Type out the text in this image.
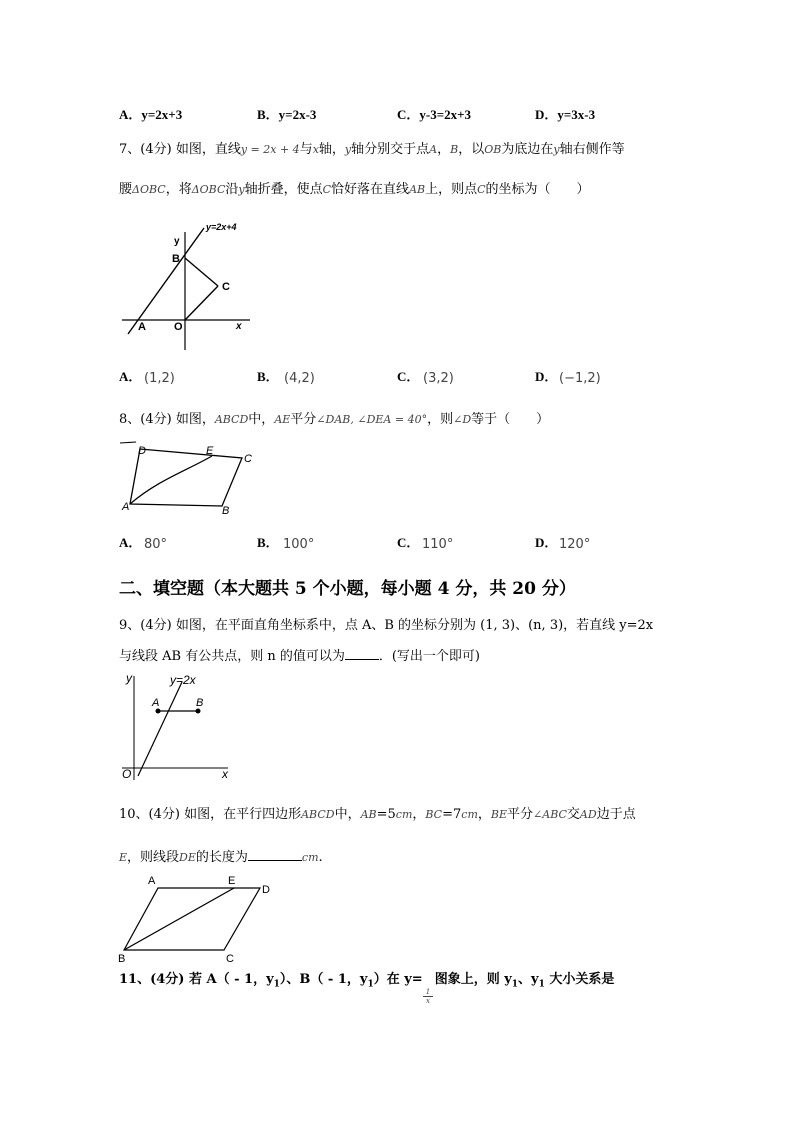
A．y=2x+3	B．y=2x-3	C．y-3=2x+3	D．y=3x-3
7、(4分) 如图，直线y = 2x + 4与x轴，y轴分别交于点A，B，以OB为底边在y轴右侧作等
腰ΔOBC，将ΔOBC沿y轴折叠，使点C恰好落在直线AB上，则点C的坐标为（　　）
y=2x+4
y
B
C
A	O	x
A． (1,2)	B． (4,2)	C． (3,2)	D． (−1,2)
8、(4分) 如图，ABCD中，AE平分∠DAB, ∠DEA = 40°，则∠D等于（　　）
D	E
C
A	B
A． 80°	B． 100°	C． 110°	D． 120°
二、填空题（本大题共 5 个小题，每小题 4 分，共 20 分）
9、(4分) 如图，在平面直角坐标系中，点 A、B 的坐标分别为 (1, 3)、(n, 3)，若直线 y=2x
与线段 AB 有公共点，则 n 的值可以为	．(写出一个即可)
y	y=2x
A	B
O	x
10、(4分) 如图，在平行四边形ABCD中，AB=5cm，BC=7cm，BE平分∠ABC交AD边于点
E，则线段DE的长度为	cm.
A	E
D
B	C
11、(4分) 若 A（ - 1，$y_1$）、B（ - 1，$y_1$）在 y= 图象上，则 $y_1$、$y_1$ 大小关系是
1
x
